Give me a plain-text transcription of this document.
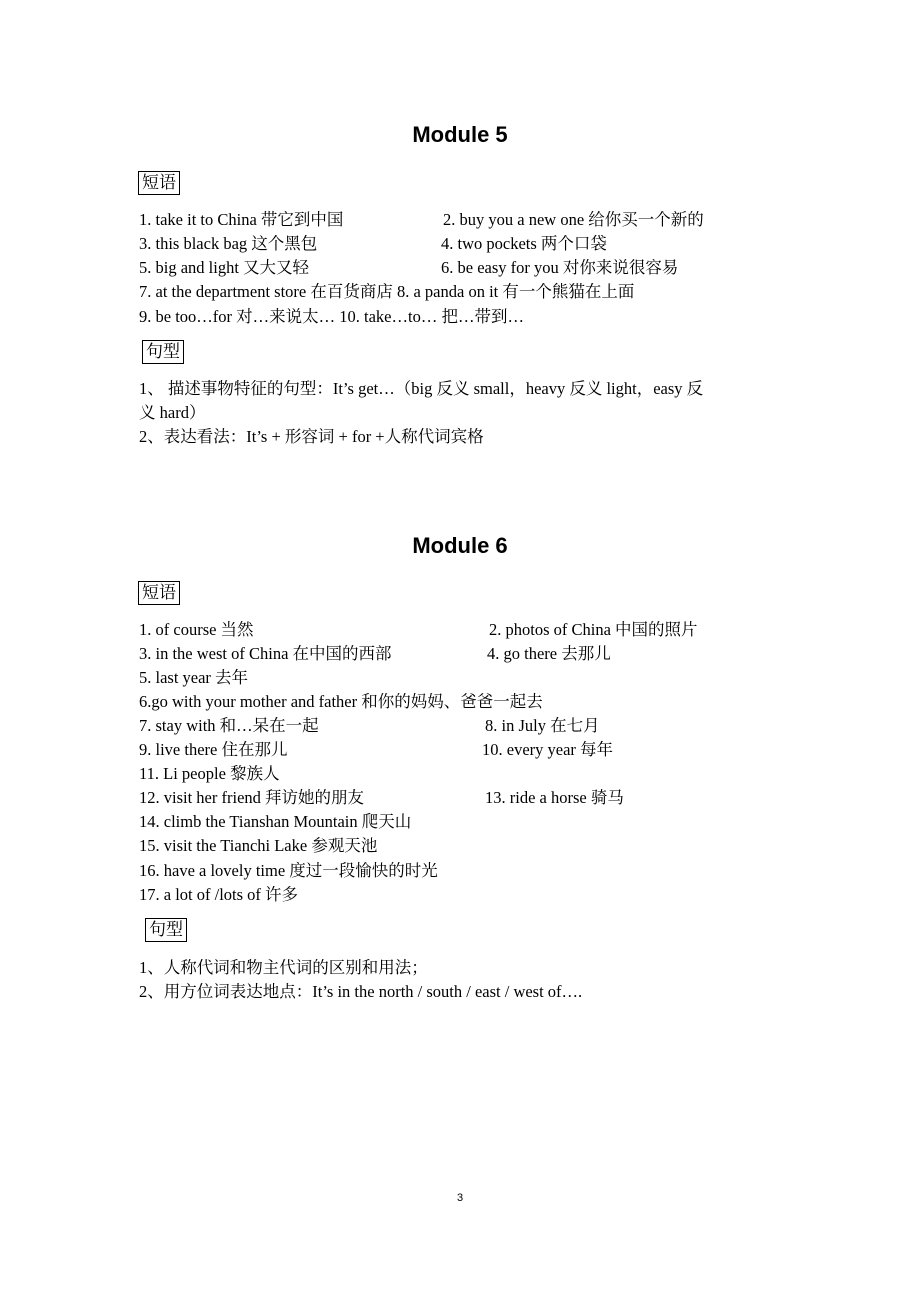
Module 5
短语
1. take it to China 带它到中国	2. buy you a new one 给你买一个新的
3. this black bag 这个黑包	4. two pockets 两个口袋
5. big and light 又大又轻	6. be easy for you 对你来说很容易
7. at the department store 在百货商店 8. a panda on it 有一个熊猫在上面
9. be too…for 对…来说太… 10. take…to… 把…带到…
句型
1、 描述事物特征的句型：It’s get…（big 反义 small，heavy 反义 light，easy 反
义 hard）
2、表达看法：It’s + 形容词 + for +人称代词宾格
Module 6
短语
1. of course 当然	2. photos of China 中国的照片
3. in the west of China 在中国的西部	4. go there 去那儿
5. last year 去年
6.go with your mother and father 和你的妈妈、爸爸一起去
7. stay with 和…呆在一起	8. in July 在七月
9. live there 住在那儿	10. every year 每年
11. Li people 黎族人
12. visit her friend 拜访她的朋友	13. ride a horse 骑马
14. climb the Tianshan Mountain 爬天山
15. visit the Tianchi Lake 参观天池
16. have a lovely time 度过一段愉快的时光
17. a lot of /lots of 许多
句型
1、人称代词和物主代词的区别和用法；
2、用方位词表达地点：It’s in the north / south / east / west of….
3
